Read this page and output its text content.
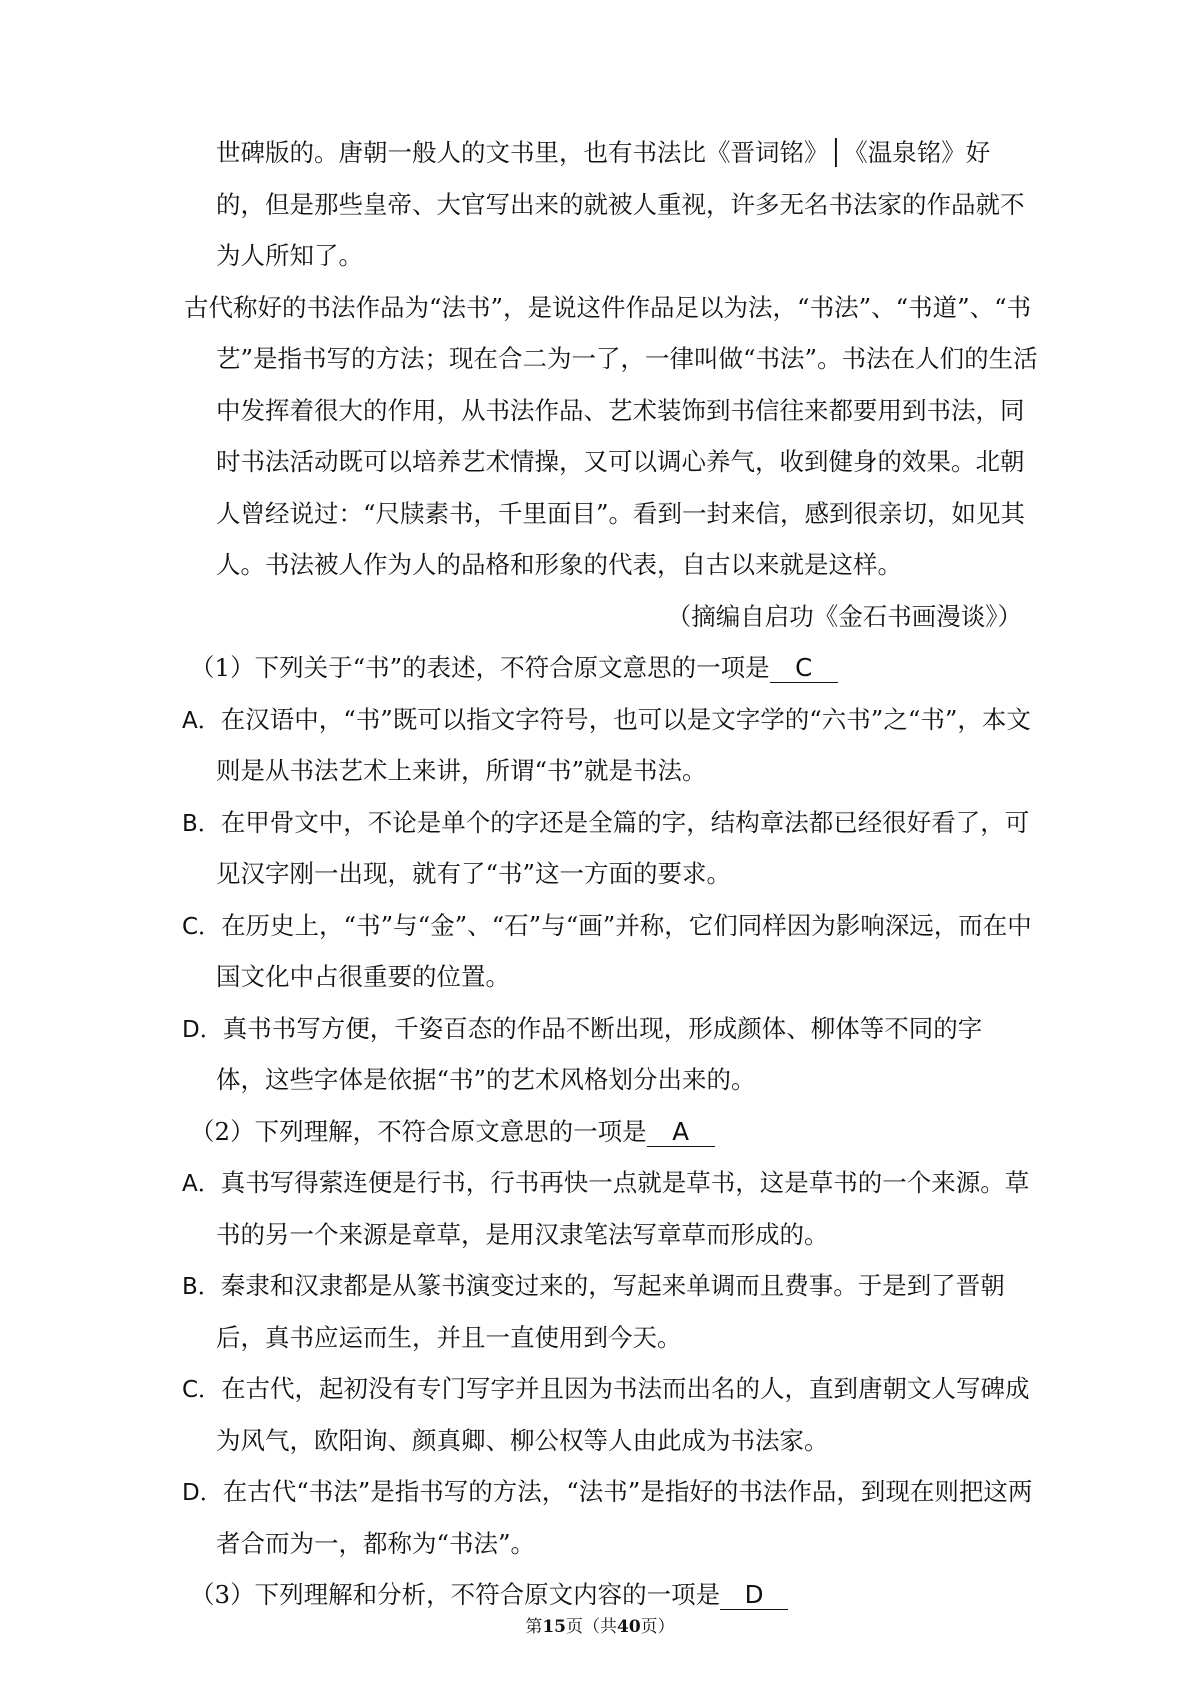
世碑版的。唐朝一般人的文书里，也有书法比《晋词铭》│《温泉铭》好
的，但是那些皇帝、大官写出来的就被人重视，许多无名书法家的作品就不
为人所知了。
古代称好的书法作品为“法书”，是说这件作品足以为法，“书法”、“书道”、“书
艺”是指书写的方法；现在合二为一了，一律叫做“书法”。书法在人们的生活
中发挥着很大的作用，从书法作品、艺术装饰到书信往来都要用到书法，同
时书法活动既可以培养艺术情操，又可以调心养气，收到健身的效果。北朝
人曾经说过：“尺牍素书，千里面目”。看到一封来信，感到很亲切，如见其
人。书法被人作为人的品格和形象的代表，自古以来就是这样。
（摘编自启功《金石书画漫谈》）
（1）下列关于“书”的表述，不符合原文意思的一项是 C
A．在汉语中，“书”既可以指文字符号，也可以是文字学的“六书”之“书”，本文
则是从书法艺术上来讲，所谓“书”就是书法。
B．在甲骨文中，不论是单个的字还是全篇的字，结构章法都已经很好看了，可
见汉字刚一出现，就有了“书”这一方面的要求。
C．在历史上，“书”与“金”、“石”与“画”并称，它们同样因为影响深远，而在中
国文化中占很重要的位置。
D．真书书写方便，千姿百态的作品不断出现，形成颜体、柳体等不同的字
体，这些字体是依据“书”的艺术风格划分出来的。
（2）下列理解，不符合原文意思的一项是 A
A．真书写得萦连便是行书，行书再快一点就是草书，这是草书的一个来源。草
书的另一个来源是章草，是用汉隶笔法写章草而形成的。
B．秦隶和汉隶都是从篆书演变过来的，写起来单调而且费事。于是到了晋朝
后，真书应运而生，并且一直使用到今天。
C．在古代，起初没有专门写字并且因为书法而出名的人，直到唐朝文人写碑成
为风气，欧阳询、颜真卿、柳公权等人由此成为书法家。
D．在古代“书法”是指书写的方法，“法书”是指好的书法作品，到现在则把这两
者合而为一，都称为“书法”。
（3）下列理解和分析，不符合原文内容的一项是 D
第15页（共40页）
